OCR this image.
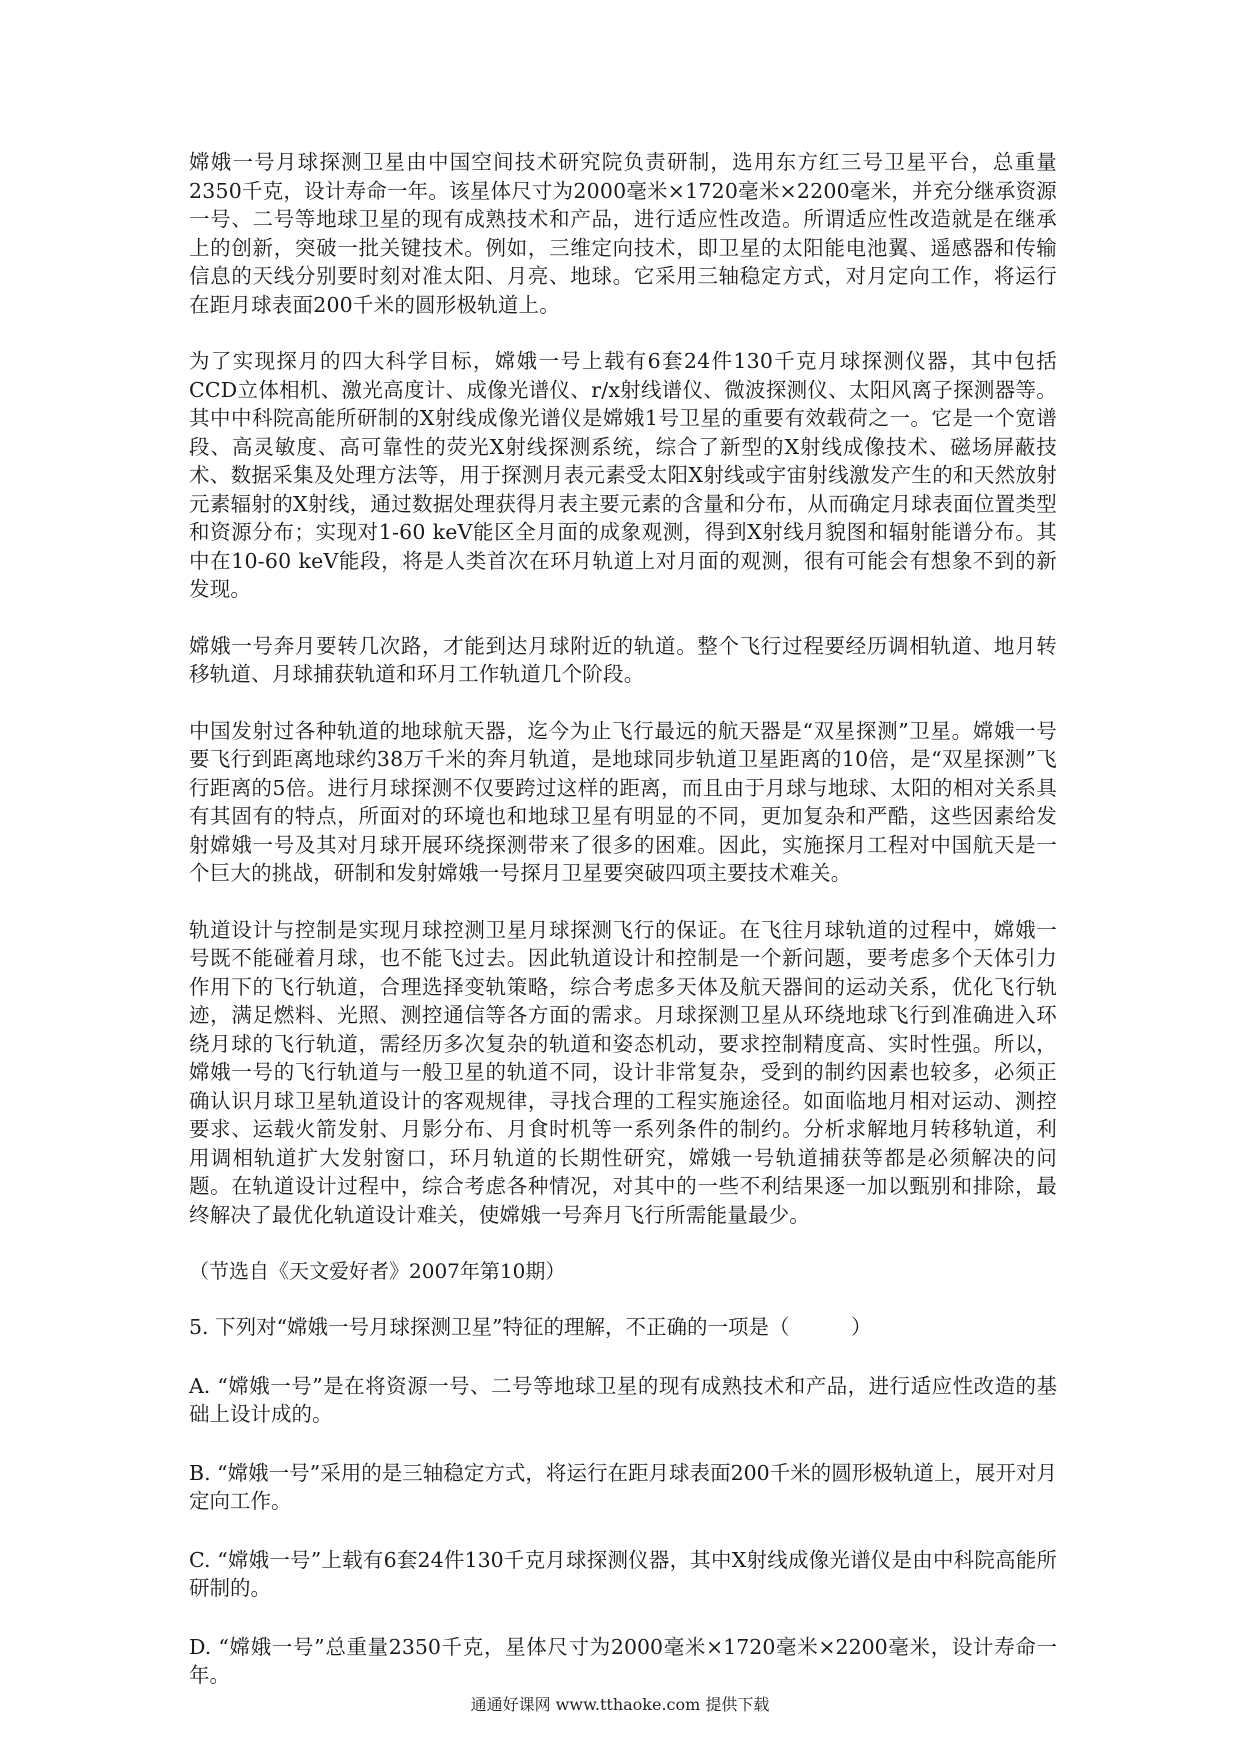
嫦娥一号月球探测卫星由中国空间技术研究院负责研制，选用东方红三号卫星平台，总重量2350千克，设计寿命一年。该星体尺寸为2000毫米×1720毫米×2200毫米，并充分继承资源一号、二号等地球卫星的现有成熟技术和产品，进行适应性改造。所谓适应性改造就是在继承上的创新，突破一批关键技术。例如，三维定向技术，即卫星的太阳能电池翼、遥感器和传输信息的天线分别要时刻对准太阳、月亮、地球。它采用三轴稳定方式，对月定向工作，将运行在距月球表面200千米的圆形极轨道上。

为了实现探月的四大科学目标，嫦娥一号上载有6套24件130千克月球探测仪器，其中包括CCD立体相机、激光高度计、成像光谱仪、r/x射线谱仪、微波探测仪、太阳风离子探测器等。其中中科院高能所研制的X射线成像光谱仪是嫦娥1号卫星的重要有效载荷之一。它是一个宽谱段、高灵敏度、高可靠性的荧光X射线探测系统，综合了新型的X射线成像技术、磁场屏蔽技术、数据采集及处理方法等，用于探测月表元素受太阳X射线或宇宙射线激发产生的和天然放射元素辐射的X射线，通过数据处理获得月表主要元素的含量和分布，从而确定月球表面位置类型和资源分布；实现对1-60 keV能区全月面的成象观测，得到X射线月貌图和辐射能谱分布。其中在10-60 keV能段，将是人类首次在环月轨道上对月面的观测，很有可能会有想象不到的新发现。

嫦娥一号奔月要转几次路，才能到达月球附近的轨道。整个飞行过程要经历调相轨道、地月转移轨道、月球捕获轨道和环月工作轨道几个阶段。

中国发射过各种轨道的地球航天器，迄今为止飞行最远的航天器是“双星探测”卫星。嫦娥一号要飞行到距离地球约38万千米的奔月轨道，是地球同步轨道卫星距离的10倍，是“双星探测”飞行距离的5倍。进行月球探测不仅要跨过这样的距离，而且由于月球与地球、太阳的相对关系具有其固有的特点，所面对的环境也和地球卫星有明显的不同，更加复杂和严酷，这些因素给发射嫦娥一号及其对月球开展环绕探测带来了很多的困难。因此，实施探月工程对中国航天是一个巨大的挑战，研制和发射嫦娥一号探月卫星要突破四项主要技术难关。

轨道设计与控制是实现月球控测卫星月球探测飞行的保证。在飞往月球轨道的过程中，嫦娥一号既不能碰着月球，也不能飞过去。因此轨道设计和控制是一个新问题，要考虑多个天体引力作用下的飞行轨道，合理选择变轨策略，综合考虑多天体及航天器间的运动关系，优化飞行轨迹，满足燃料、光照、测控通信等各方面的需求。月球探测卫星从环绕地球飞行到准确进入环绕月球的飞行轨道，需经历多次复杂的轨道和姿态机动，要求控制精度高、实时性强。所以，嫦娥一号的飞行轨道与一般卫星的轨道不同，设计非常复杂，受到的制约因素也较多，必须正确认识月球卫星轨道设计的客观规律，寻找合理的工程实施途径。如面临地月相对运动、测控要求、运载火箭发射、月影分布、月食时机等一系列条件的制约。分析求解地月转移轨道，利用调相轨道扩大发射窗口，环月轨道的长期性研究，嫦娥一号轨道捕获等都是必须解决的问题。在轨道设计过程中，综合考虑各种情况，对其中的一些不利结果逐一加以甄别和排除，最终解决了最优化轨道设计难关，使嫦娥一号奔月飞行所需能量最少。

（节选自《天文爱好者》2007年第10期）

5. 下列对“嫦娥一号月球探测卫星”特征的理解，不正确的一项是（　　　）

A. “嫦娥一号”是在将资源一号、二号等地球卫星的现有成熟技术和产品，进行适应性改造的基础上设计成的。

B. “嫦娥一号”采用的是三轴稳定方式，将运行在距月球表面200千米的圆形极轨道上，展开对月定向工作。

C. “嫦娥一号”上载有6套24件130千克月球探测仪器，其中X射线成像光谱仪是由中科院高能所研制的。

D. “嫦娥一号”总重量2350千克，星体尺寸为2000毫米×1720毫米×2200毫米，设计寿命一年。

通通好课网 www.tthaoke.com 提供下载
